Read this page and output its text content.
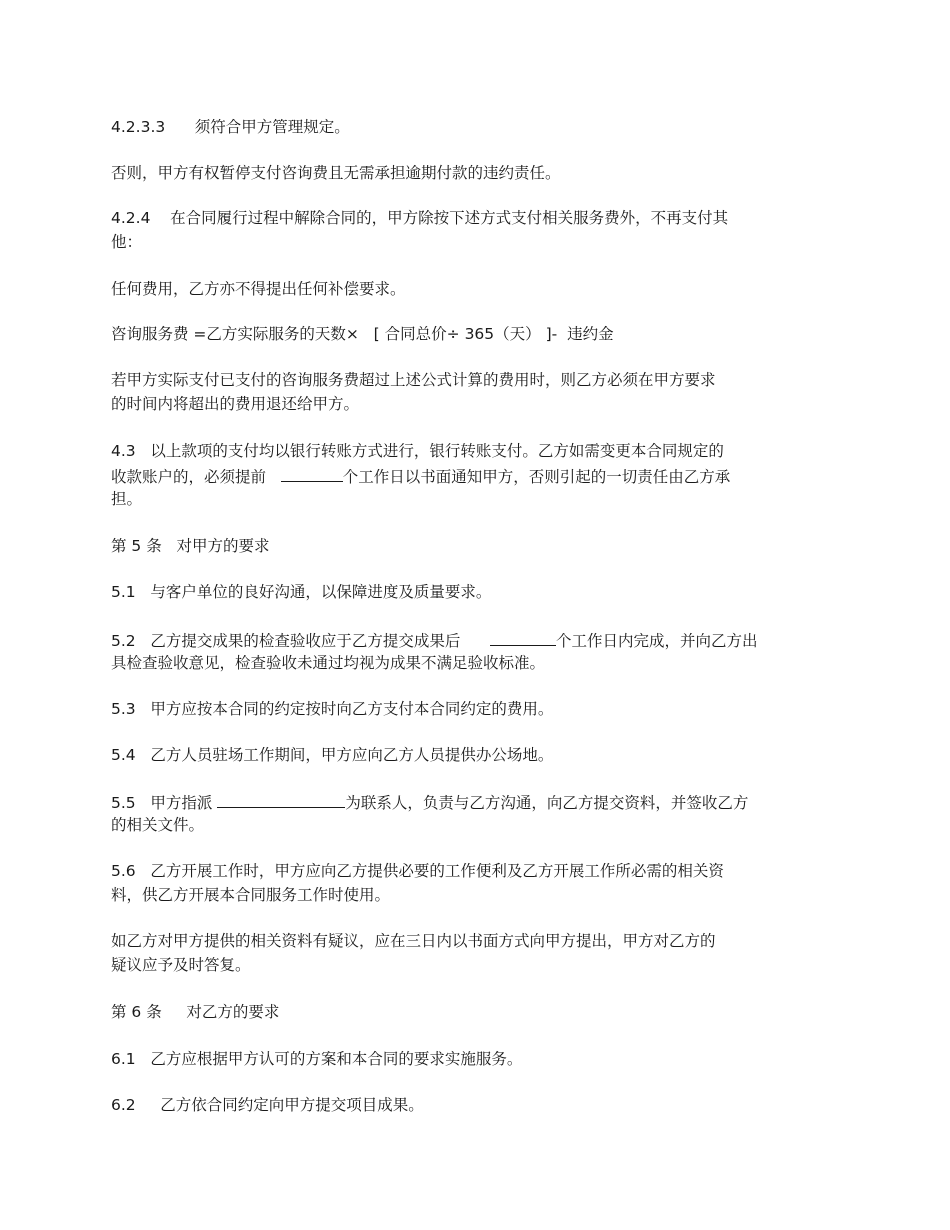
4.2.3.3      须符合甲方管理规定。
否则，甲方有权暂停支付咨询费且无需承担逾期付款的违约责任。
4.2.4    在合同履行过程中解除合同的，甲方除按下述方式支付相关服务费外，不再支付其
他：
任何费用，乙方亦不得提出任何补偿要求。
咨询服务费 =乙方实际服务的天数×   [ 合同总价÷ 365（天） ]-  违约金
若甲方实际支付已支付的咨询服务费超过上述公式计算的费用时，则乙方必须在甲方要求
的时间内将超出的费用退还给甲方。
4.3   以上款项的支付均以银行转账方式进行，银行转账支付。乙方如需变更本合同规定的
收款账户的，必须提前	个工作日以书面通知甲方，否则引起的一切责任由乙方承
担。
第 5 条   对甲方的要求
5.1   与客户单位的良好沟通，以保障进度及质量要求。
5.2   乙方提交成果的检查验收应于乙方提交成果后	个工作日内完成，并向乙方出
具检查验收意见，检查验收未通过均视为成果不满足验收标准。
5.3   甲方应按本合同的约定按时向乙方支付本合同约定的费用。
5.4   乙方人员驻场工作期间，甲方应向乙方人员提供办公场地。
5.5   甲方指派	为联系人，负责与乙方沟通，向乙方提交资料，并签收乙方
的相关文件。
5.6   乙方开展工作时，甲方应向乙方提供必要的工作便利及乙方开展工作所必需的相关资
料，供乙方开展本合同服务工作时使用。
如乙方对甲方提供的相关资料有疑议，应在三日内以书面方式向甲方提出，甲方对乙方的
疑议应予及时答复。
第 6 条     对乙方的要求
6.1   乙方应根据甲方认可的方案和本合同的要求实施服务。
6.2     乙方依合同约定向甲方提交项目成果。
